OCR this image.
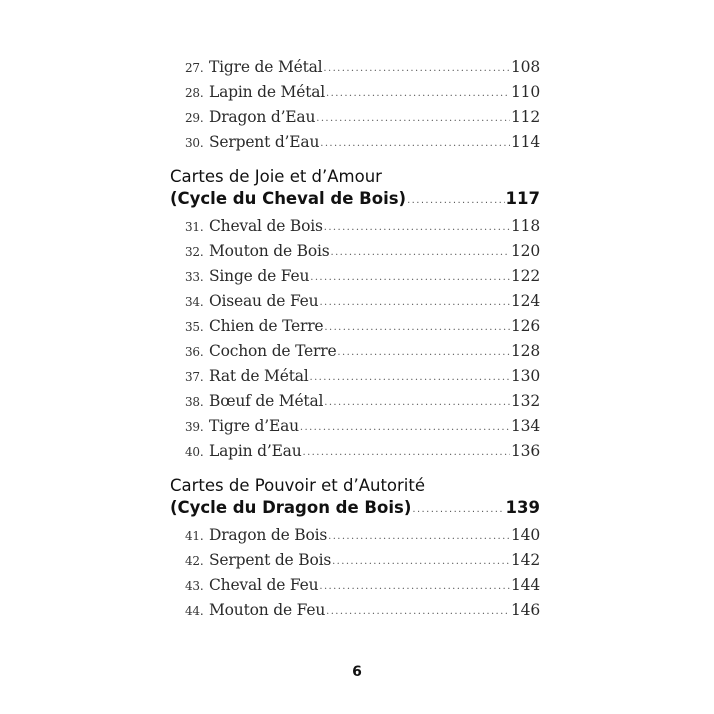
27. Tigre de Métal .....	108
28. Lapin de Métal .....	110
29. Dragon d’Eau .....	112
30. Serpent d’Eau .....	114
Cartes de Joie et d’Amour
(Cycle du Cheval de Bois) .....	117
31. Cheval de Bois .....	118
32. Mouton de Bois .....	120
33. Singe de Feu .....	122
34. Oiseau de Feu .....	124
35. Chien de Terre .....	126
36. Cochon de Terre .....	128
37. Rat de Métal .....	130
38. Bœuf de Métal .....	132
39. Tigre d’Eau .....	134
40. Lapin d’Eau .....	136
Cartes de Pouvoir et d’Autorité
(Cycle du Dragon de Bois) .....	139
41. Dragon de Bois .....	140
42. Serpent de Bois .....	142
43. Cheval de Feu .....	144
44. Mouton de Feu .....	146
6
